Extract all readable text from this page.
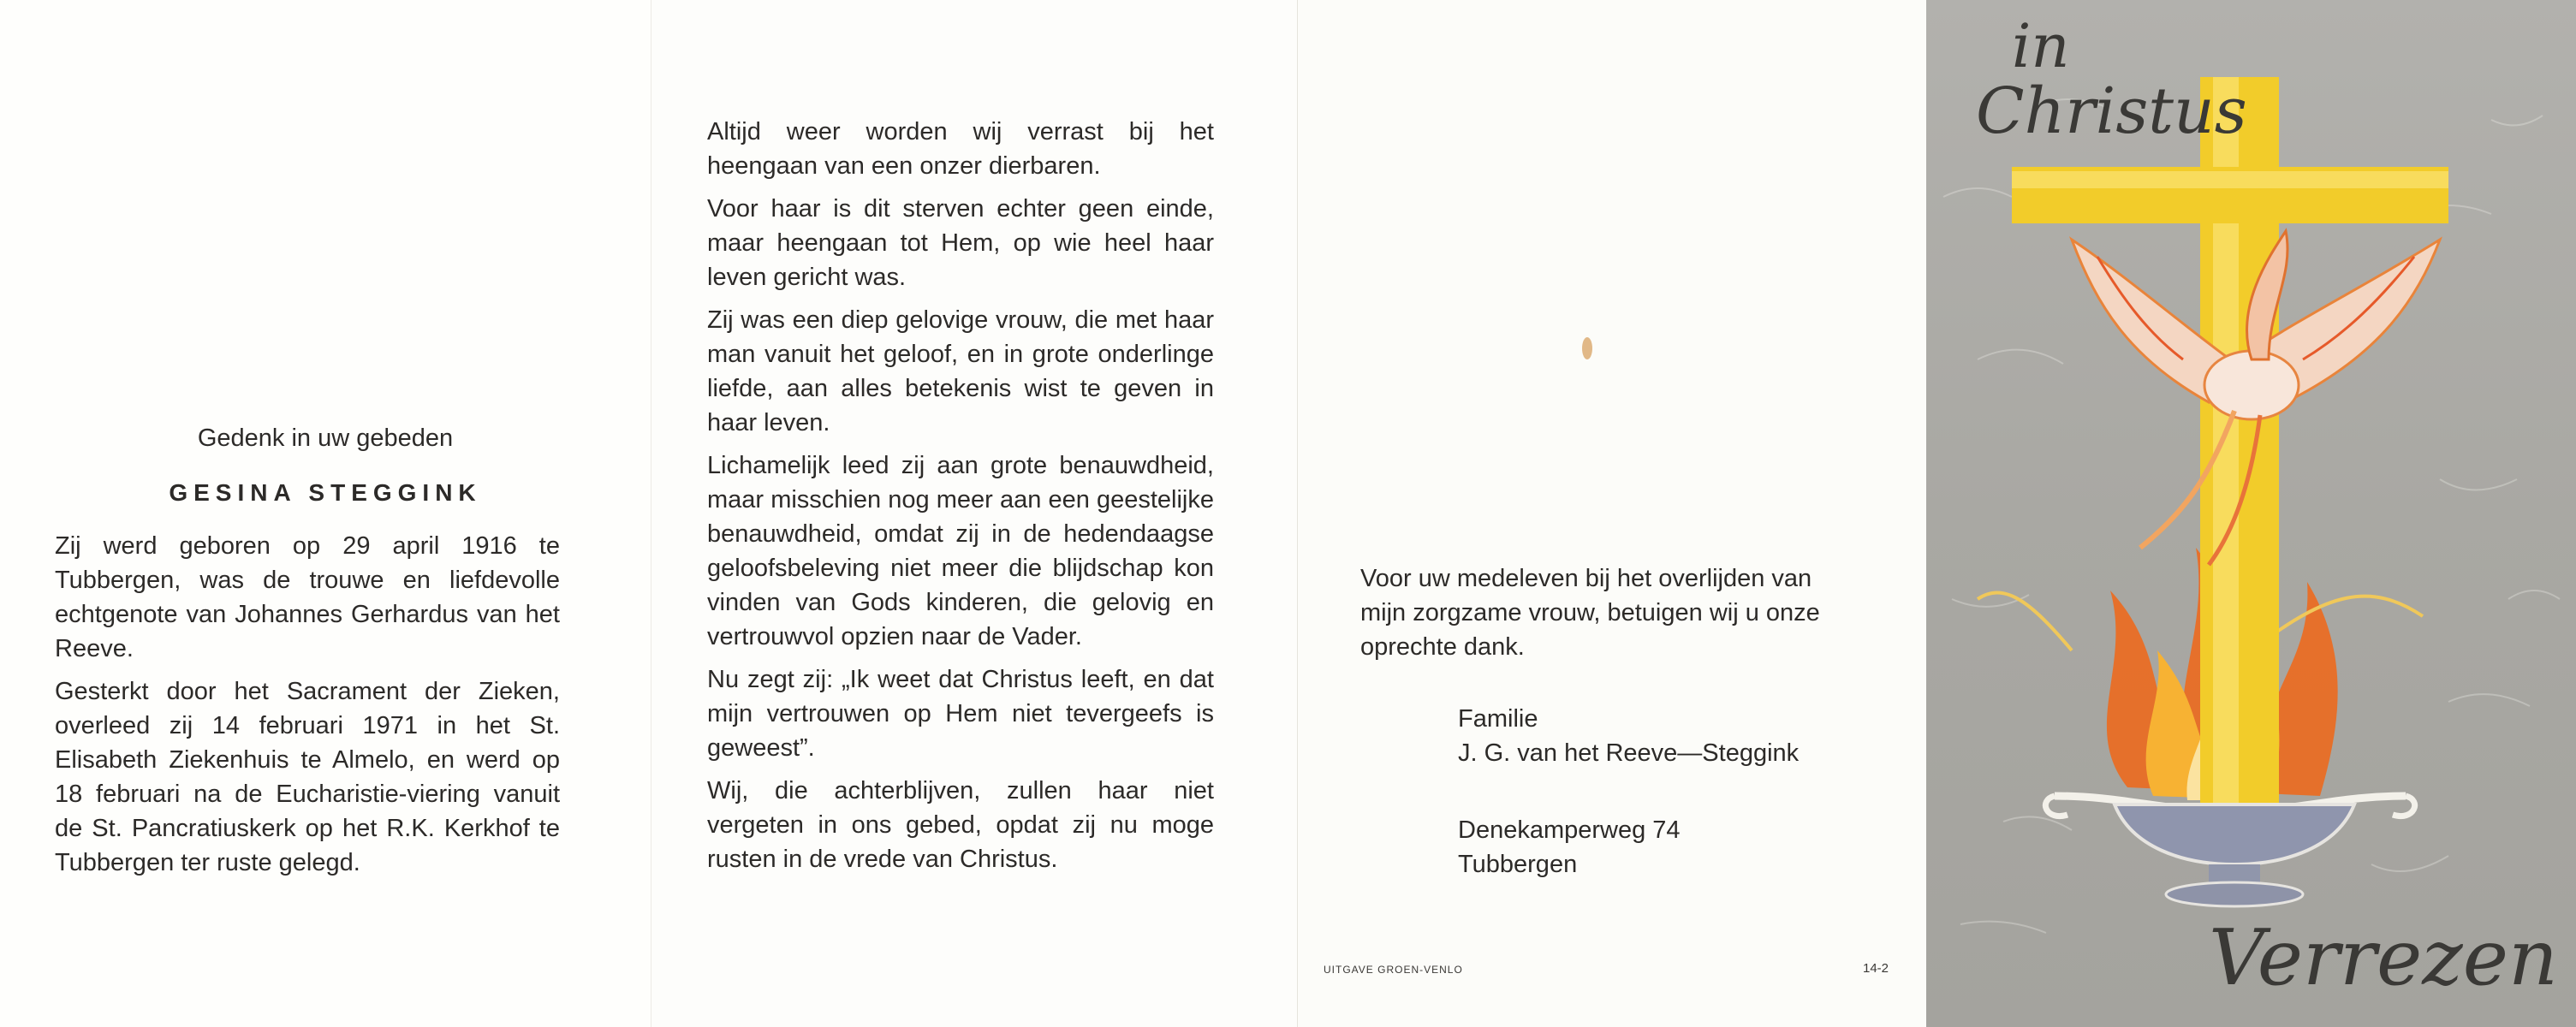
Gedenk in uw gebeden
GESINA STEGGINK

Zij werd geboren op 29 april 1916 te Tubbergen, was de trouwe en liefdevolle echtgenote van Johannes Gerhardus van het Reeve.

Gesterkt door het Sacrament der Zieken, overleed zij 14 februari 1971 in het St. Elisabeth Ziekenhuis te Almelo, en werd op 18 februari na de Eucharistie-viering vanuit de St. Pancratiuskerk op het R.K. Kerkhof te Tubbergen ter ruste gelegd.

Altijd weer worden wij verrast bij het heengaan van een onzer dierbaren.

Voor haar is dit sterven echter geen einde, maar heengaan tot Hem, op wie heel haar leven gericht was.

Zij was een diep gelovige vrouw, die met haar man vanuit het geloof, en in grote onderlinge liefde, aan alles betekenis wist te geven in haar leven.

Lichamelijk leed zij aan grote benauwdheid, maar misschien nog meer aan een geestelijke benauwdheid, omdat zij in de hedendaagse geloofsbeleving niet meer die blijdschap kon vinden van Gods kinderen, die gelovig en vertrouwvol opzien naar de Vader.

Nu zegt zij: „Ik weet dat Christus leeft, en dat mijn vertrouwen op Hem niet tevergeefs is geweest”.

Wij, die achterblijven, zullen haar niet vergeten in ons gebed, opdat zij nu moge rusten in de vrede van Christus.

Voor uw medeleven bij het overlijden van mijn zorgzame vrouw, betuigen wij u onze oprechte dank.
Familie
J. G. van het Reeve—Steggink
Denekamperweg 74
Tubbergen
UITGAVE GROEN-VENLO	14-2
in
Christus
Verrezen
